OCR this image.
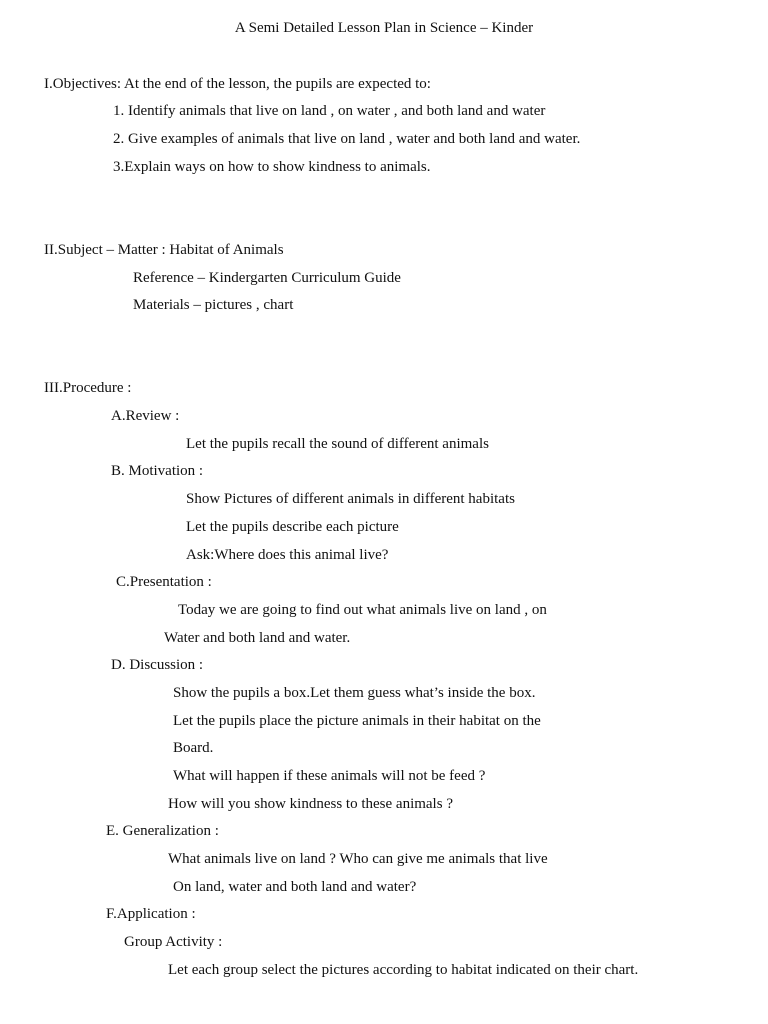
A Semi Detailed Lesson Plan in Science – Kinder
I.Objectives: At the end of the lesson, the pupils are expected to:
1. Identify animals that live on land , on water , and both land and water
2. Give examples of animals that live on land , water and both land and water.
3.Explain ways on how to show kindness to animals.
II.Subject – Matter : Habitat of Animals
Reference – Kindergarten Curriculum Guide
Materials – pictures , chart
III.Procedure :
A.Review :
Let the pupils recall the sound of different animals
B. Motivation :
Show Pictures of different animals in different habitats
Let the pupils describe each picture
Ask:Where does this animal live?
C.Presentation :
Today we are going to find out what animals live on land , on
Water and both land and water.
D. Discussion :
Show the pupils a box.Let them guess what’s inside the box.
Let the pupils place the picture animals in their habitat on the
Board.
What will happen if these animals will not be feed ?
How will you show kindness to these animals ?
E. Generalization :
What animals live on land ? Who can give me animals that live
On land, water and both land and water?
F.Application :
Group Activity :
Let each group select the pictures according to habitat indicated on their chart.
